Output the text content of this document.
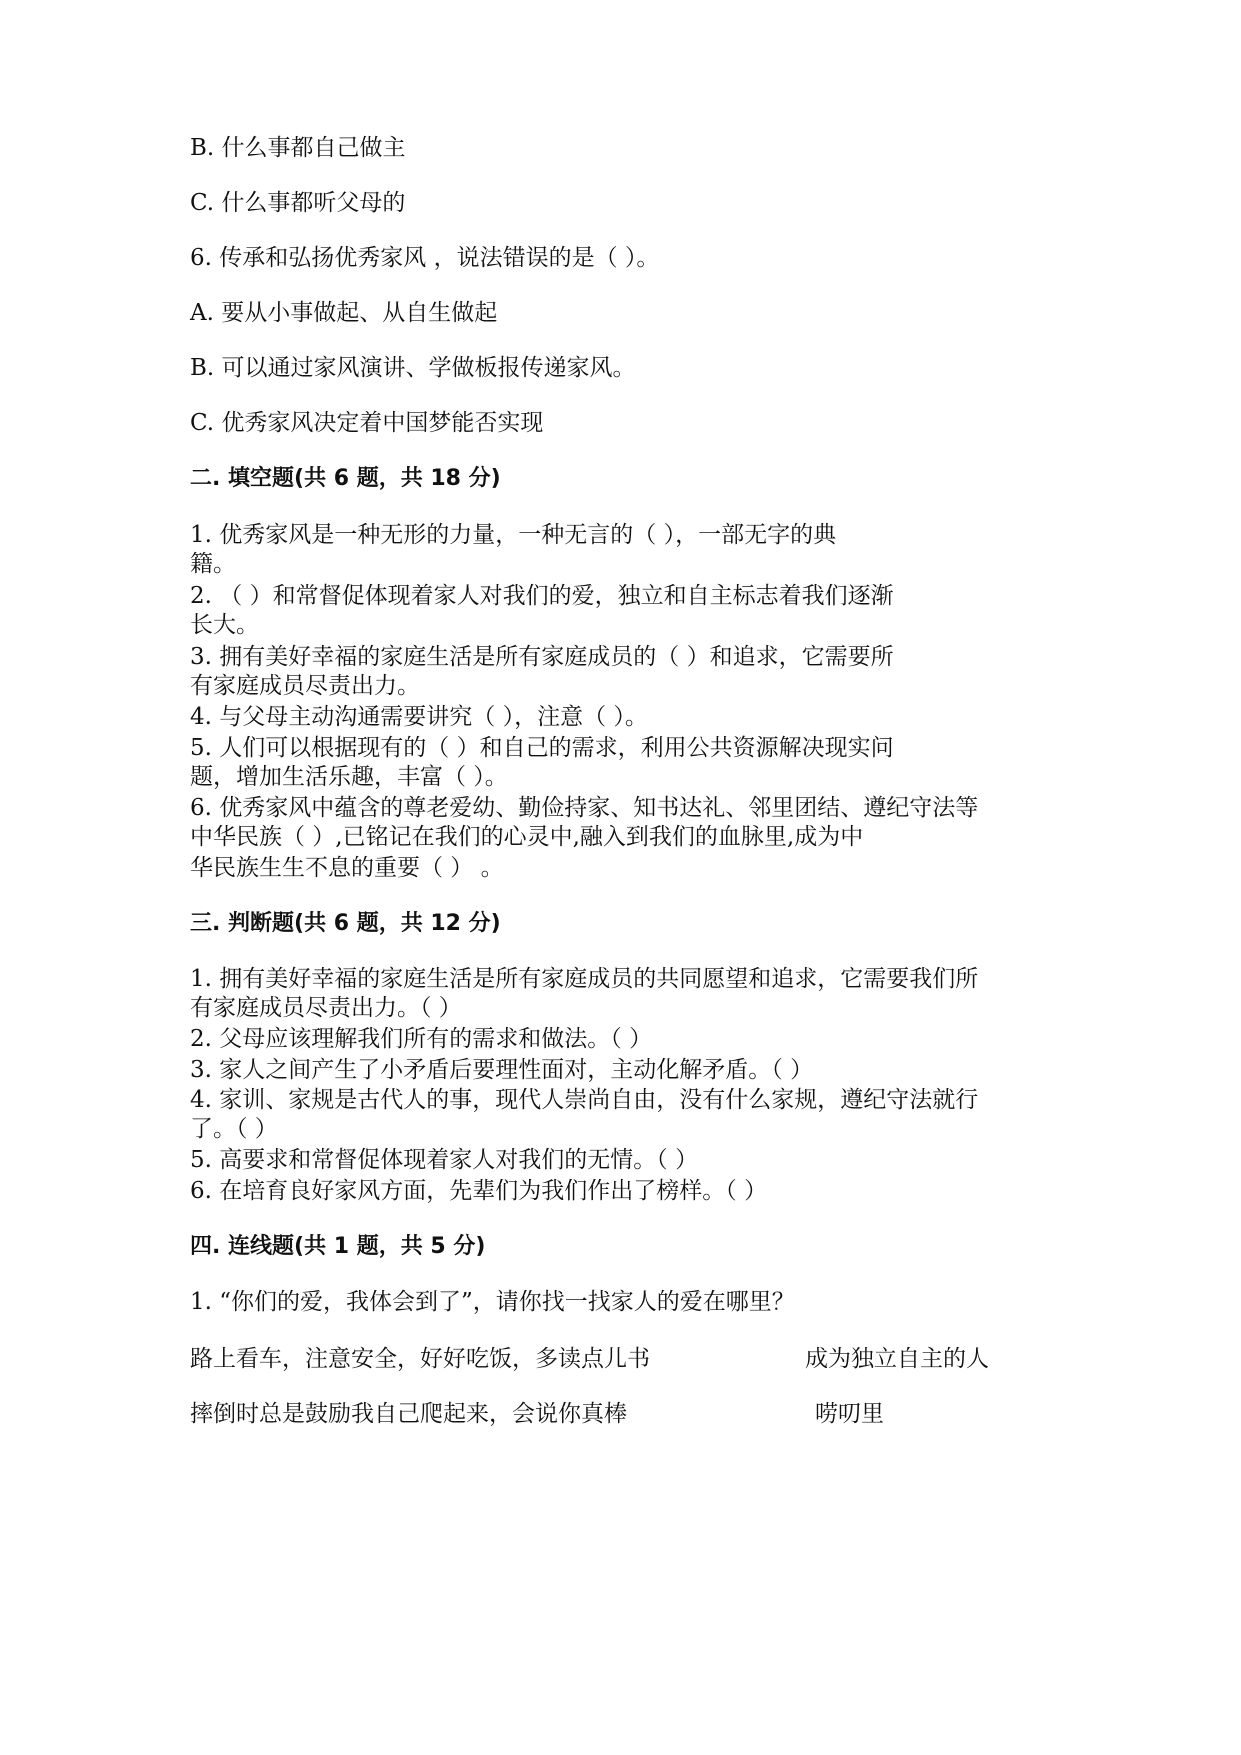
B. 什么事都自己做主
C. 什么事都听父母的
6. 传承和弘扬优秀家风 ，说法错误的是（ ）。
A. 要从小事做起、从自生做起
B. 可以通过家风演讲、学做板报传递家风。
C. 优秀家风决定着中国梦能否实现
二. 填空题(共 6 题，共 18 分)
1. 优秀家风是一种无形的力量，一种无言的（ ），一部无字的典
籍。
2. （ ）和常督促体现着家人对我们的爱，独立和自主标志着我们逐渐
长大。
3. 拥有美好幸福的家庭生活是所有家庭成员的（ ）和追求，它需要所
有家庭成员尽责出力。
4. 与父母主动沟通需要讲究（ ），注意（ ）。
5. 人们可以根据现有的（ ）和自己的需求，利用公共资源解决现实问
题，增加生活乐趣，丰富（ ）。
6. 优秀家风中蕴含的尊老爱幼、勤俭持家、知书达礼、邻里团结、遵纪守法等
中华民族（ ）,已铭记在我们的心灵中,融入到我们的血脉里,成为中
华民族生生不息的重要（ ） 。
三. 判断题(共 6 题，共 12 分)
1. 拥有美好幸福的家庭生活是所有家庭成员的共同愿望和追求，它需要我们所
有家庭成员尽责出力。（ ）
2. 父母应该理解我们所有的需求和做法。（ ）
3. 家人之间产生了小矛盾后要理性面对，主动化解矛盾。（ ）
4. 家训、家规是古代人的事，现代人崇尚自由，没有什么家规，遵纪守法就行
了。（ ）
5. 高要求和常督促体现着家人对我们的无情。（ ）
6. 在培育良好家风方面，先辈们为我们作出了榜样。（ ）
四. 连线题(共 1 题，共 5 分)
1. “你们的爱，我体会到了”，请你找一找家人的爱在哪里？
路上看车，注意安全，好好吃饭，多读点儿书	成为独立自主的人
摔倒时总是鼓励我自己爬起来，会说你真棒	唠叨里
